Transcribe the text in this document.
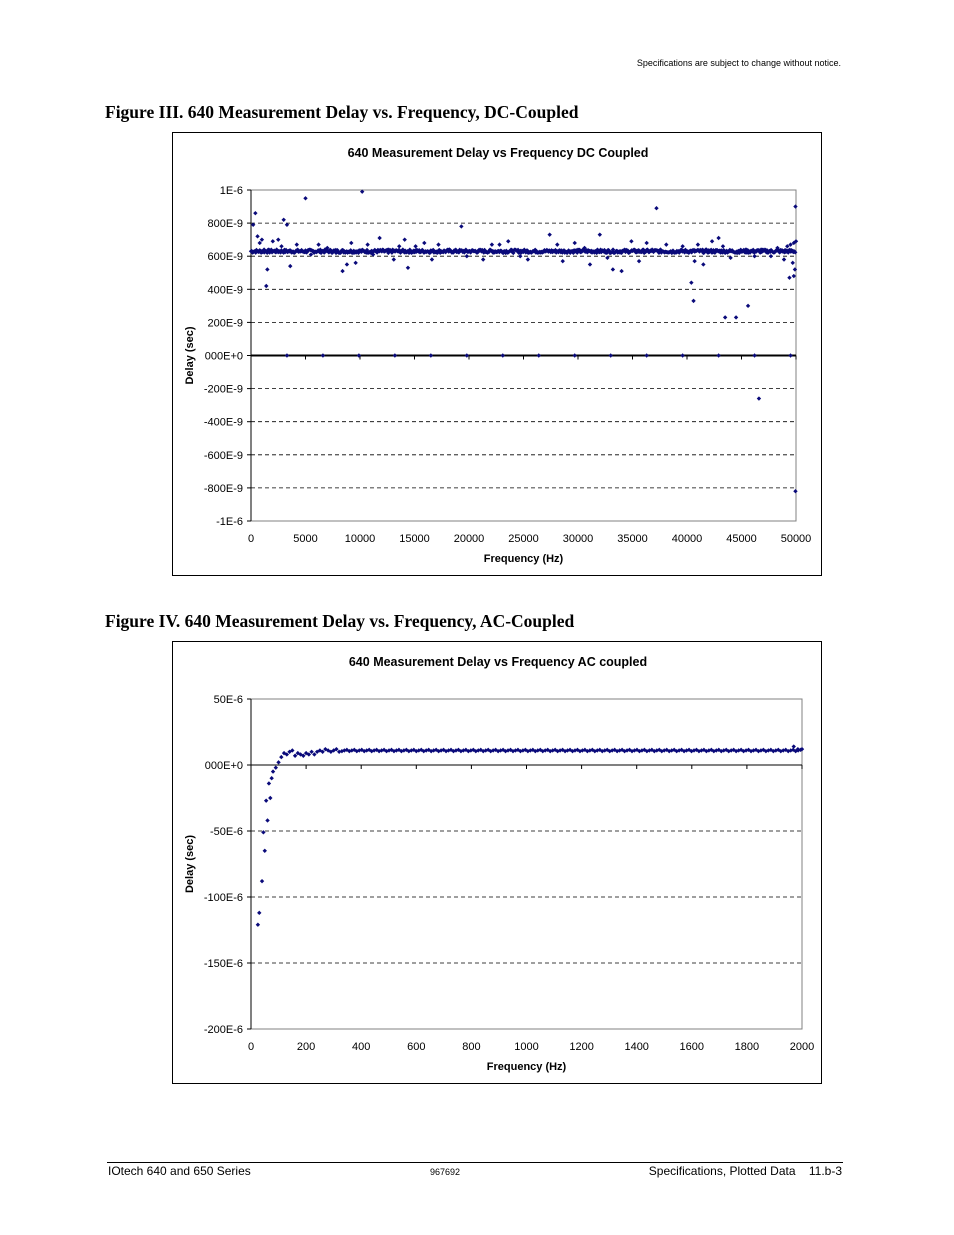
Specifications are subject to change without notice.
Figure III. 640 Measurement Delay vs. Frequency, DC-Coupled
640 Measurement Delay vs Frequency DC Coupled
1E-6
800E-9
600E-9
400E-9
200E-9
000E+0
-200E-9
-400E-9
-600E-9
-800E-9
-1E-6
0	5000 10000 15000 20000 25000 30000 35000 40000 45000 50000
Frequency (Hz)
Delay (sec)
Figure IV. 640 Measurement Delay vs. Frequency, AC-Coupled
640 Measurement Delay vs Frequency AC coupled
50E-6
000E+0
-50E-6
-100E-6
-150E-6
-200E-6
0	200	400	600	800	1000	1200	1400	1600	1800	2000
Frequency (Hz)
Delay (sec)
IOtech 640 and 650 Series	967692	Specifications, Plotted Data    11.b-3
